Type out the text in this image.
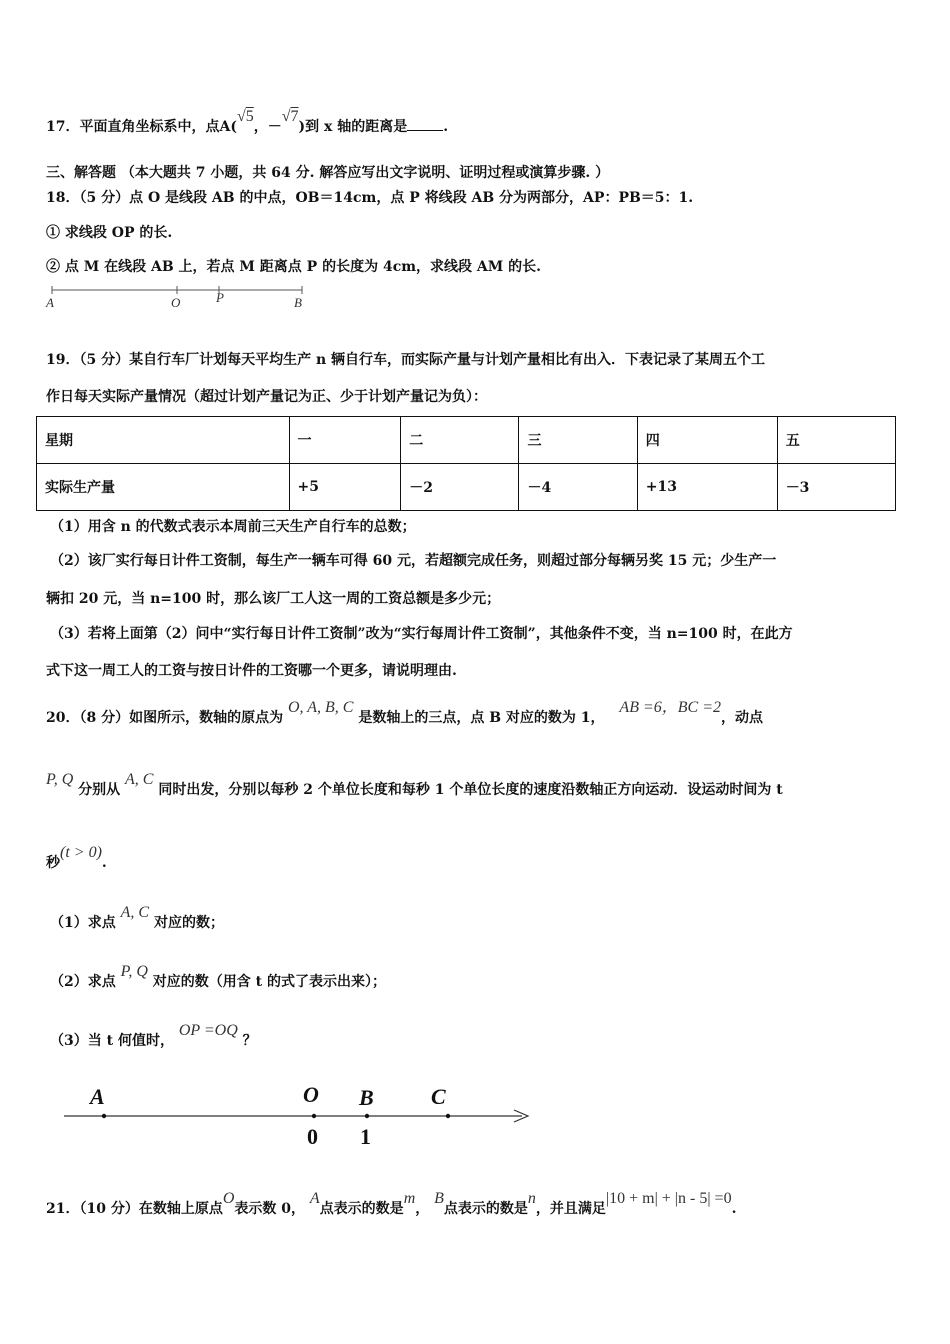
17．平面直角坐标系中，点A(√5，－√7)到 x 轴的距离是	.
三、解答题 （本大题共 7 小题，共 64 分. 解答应写出文字说明、证明过程或演算步骤. ）
18．（5 分）点 O 是线段 AB 的中点，OB＝14cm，点 P 将线段 AB 分为两部分，AP：PB＝5：1.
① 求线段 OP 的长.
② 点 M 在线段 AB 上，若点 M 距离点 P 的长度为 4cm，求线段 AM 的长.
A	O	P	B
19．（5 分）某自行车厂计划每天平均生产 n 辆自行车，而实际产量与计划产量相比有出入．下表记录了某周五个工
作日每天实际产量情况（超过计划产量记为正、少于计划产量记为负）：
星期	一	二	三	四	五
实际生产量	+5	－2	－4	+13	－3
（1）用含 n 的代数式表示本周前三天生产自行车的总数；
（2）该厂实行每日计件工资制，每生产一辆车可得 60 元，若超额完成任务，则超过部分每辆另奖 15 元；少生产一
辆扣 20 元，当 n=100 时，那么该厂工人这一周的工资总额是多少元；
（3）若将上面第（2）问中“实行每日计件工资制”改为“实行每周计件工资制”，其他条件不变，当 n=100 时，在此方
式下这一周工人的工资与按日计件的工资哪一个更多，请说明理由.
20．（8 分）如图所示，数轴的原点为 O, A, B, C 是数轴上的三点，点 B 对应的数为 1， AB =6，BC =2，动点
P, Q 分别从 A, C 同时出发，分别以每秒 2 个单位长度和每秒 1 个单位长度的速度沿数轴正方向运动．设运动时间为 t
秒(t > 0).
（1）求点 A, C 对应的数；
（2）求点 P, Q 对应的数（用含 t 的式了表示出来）；
（3）当 t 何值时， OP =OQ ？
A	O B	C
0 1
21．（10 分）在数轴上原点O表示数 0， A点表示的数是m， B点表示的数是n，并且满足|10 + m| + |n - 5| =0.
